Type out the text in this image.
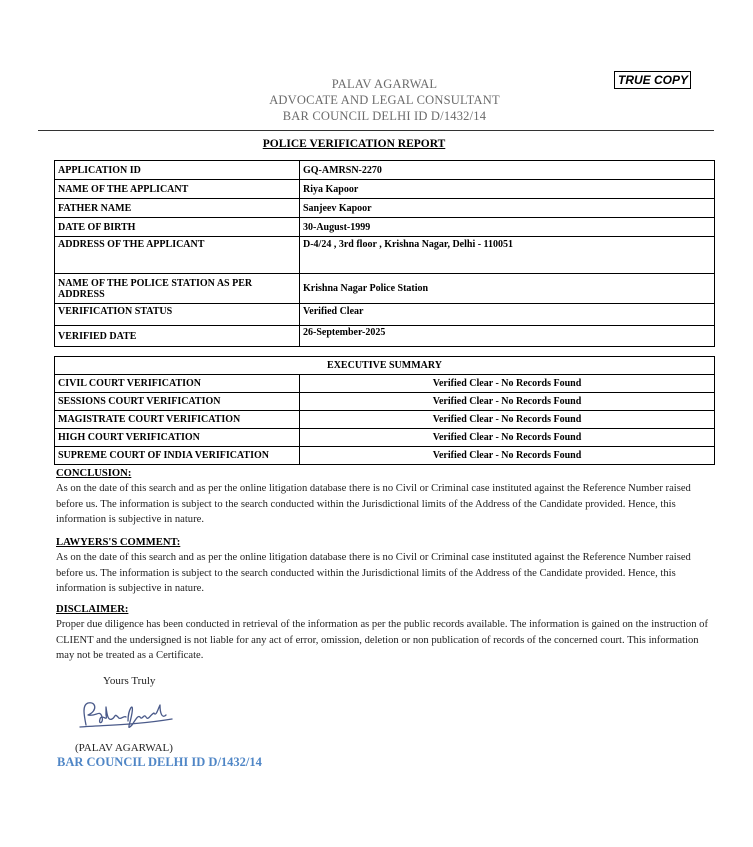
PALAV AGARWAL
ADVOCATE AND LEGAL CONSULTANT
BAR COUNCIL DELHI ID D/1432/14
TRUE COPY
POLICE VERIFICATION REPORT
APPLICATION ID	GQ-AMRSN-2270
NAME OF THE APPLICANT	Riya Kapoor
FATHER NAME	Sanjeev Kapoor
DATE OF BIRTH	30-August-1999
ADDRESS OF THE APPLICANT	D-4/24 , 3rd floor , Krishna Nagar, Delhi - 110051
NAME OF THE POLICE STATION AS PER ADDRESS	Krishna Nagar Police Station
VERIFICATION STATUS	Verified Clear
VERIFIED DATE	26-September-2025
EXECUTIVE SUMMARY	
CIVIL COURT VERIFICATION	Verified Clear - No Records Found
SESSIONS COURT VERIFICATION	Verified Clear - No Records Found
MAGISTRATE COURT VERIFICATION	Verified Clear - No Records Found
HIGH COURT VERIFICATION	Verified Clear - No Records Found
SUPREME COURT OF INDIA VERIFICATION	Verified Clear - No Records Found
CONCLUSION:
As on the date of this search and as per the online litigation database there is no Civil or Criminal case instituted against the Reference Number raised before us. The information is subject to the search conducted within the Jurisdictional limits of the Address of the Candidate provided. Hence, this information is subjective in nature.
LAWYERS'S COMMENT:
As on the date of this search and as per the online litigation database there is no Civil or Criminal case instituted against the Reference Number raised before us. The information is subject to the search conducted within the Jurisdictional limits of the Address of the Candidate provided. Hence, this information is subjective in nature.
DISCLAIMER:
Proper due diligence has been conducted in retrieval of the information as per the public records available. The information is gained on the instruction of CLIENT and the undersigned is not liable for any act of error, omission, deletion or non publication of records of the concerned court. This information may not be treated as a Certificate.
Yours Truly
(PALAV AGARWAL)
BAR COUNCIL DELHI ID D/1432/14
